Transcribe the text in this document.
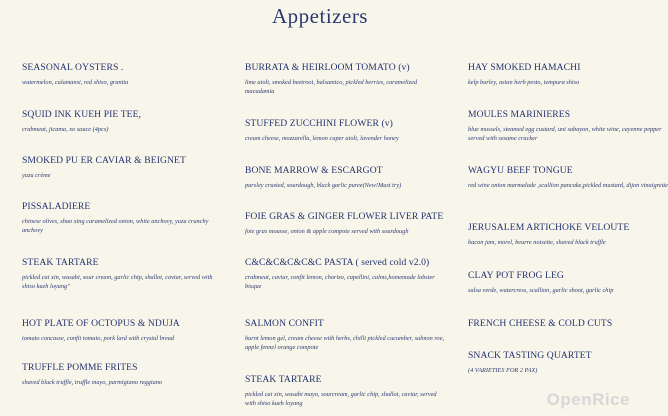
Appetizers
SEASONAL OYSTERS .
watermelon, calamansi, red shiso, granita
SQUID INK KUEH PIE TEE,
crabmeat, jicama, xo sauce (4pcs)
SMOKED PU ER CAVIAR & BEIGNET
yuzu crème
PISSALADIERE
chinese olives, shao xing caramelized onion, white anchovy, yuzu crunchy anchovy
STEAK TARTARE
pickled cai xin, wasabi, sour cream, garlic chip, shallot, caviar, served with shiso kueh loyang"
HOT PLATE OF OCTOPUS & NDUJA
tomato concasse, confit tomato, pork lard with crystal bread
TRUFFLE POMME FRITES
shaved black truffle, truffle mayo, parmigiano reggiano
BURRATA & HEIRLOOM TOMATO (v)
lime aioli, smoked beetroot, balsamico, pickled berries, caramelized macadamia
STUFFED ZUCCHINI FLOWER (v)
cream cheese, mozzarella, lemon caper aioli, lavender honey
BONE MARROW & ESCARGOT
parsley crusted, sourdough, black garlic puree(New!Must try)
FOIE GRAS & GINGER FLOWER LIVER PATE
foie gras mousse, onion & apple compote served with sourdough
C&C&C&C&C&C PASTA ( served cold v2.0)
crabmeat, caviar, confit lemon, chorizo, capellini, calms,homemade lobster bisque
SALMON CONFIT
burnt lemon gel, cream cheese with herbs, chilli pickled cucumber, salmon roe, apple fennel orange compote
STEAK TARTARE
pickled cai xin, wasabi mayo, sourcream, garlic chip, shallot, caviar, served with shiso kueh loyang
HAY SMOKED HAMACHI
kelp barley, asian herb pesto, tempura shiso
MOULES MARINIERES
blue mussels, steamed egg custard, uni sabayon, white wine, cayenne pepper served with sesame cracker
WAGYU BEEF TONGUE
red wine onion marmalade ,scallion pancake,pickled mustard, dijon vinaigrette
JERUSALEM ARTICHOKE VELOUTE
bacon jam, morel, beurre noisette, shaved black truffle
CLAY POT FROG LEG
salsa verde, watercress, scallion, garlic shoot, garlic chip
FRENCH CHEESE & COLD CUTS
SNACK TASTING QUARTET
(4 VARIETIES FOR 2 PAX)
OpenRice
